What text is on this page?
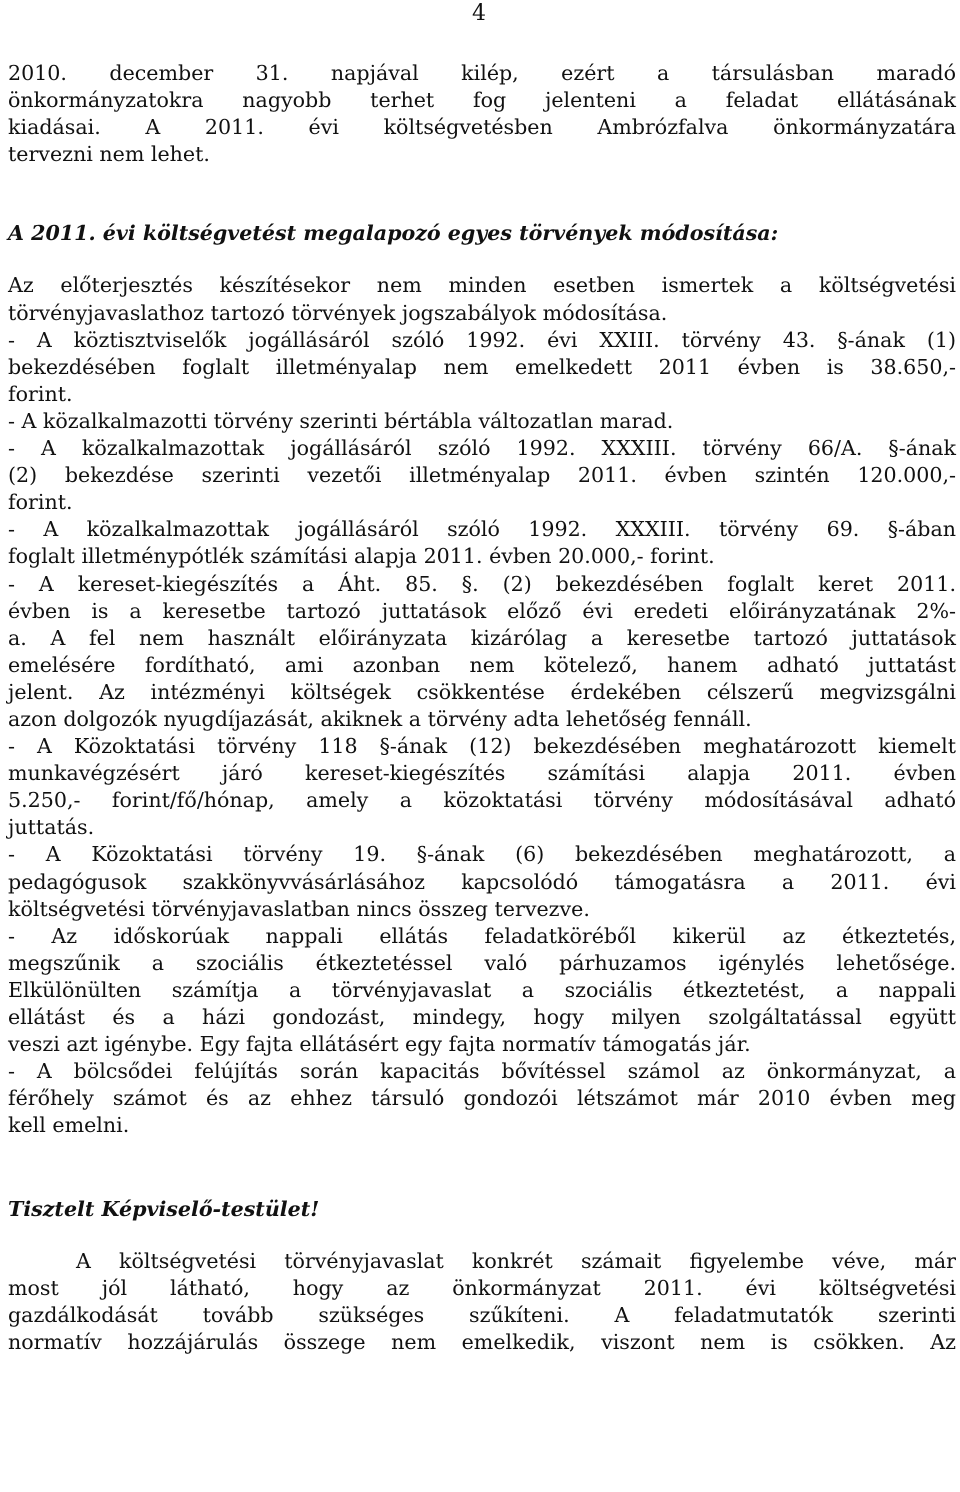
4
2010. december 31. napjával kilép, ezért a társulásban maradó
önkormányzatokra nagyobb terhet fog jelenteni a feladat ellátásának
kiadásai. A 2011. évi költségvetésben Ambrózfalva önkormányzatára
tervezni nem lehet.
A 2011. évi költségvetést megalapozó egyes törvények módosítása:
Az előterjesztés készítésekor nem minden esetben ismertek a költségvetési
törvényjavaslathoz tartozó törvények jogszabályok módosítása.
- A köztisztviselők jogállásáról szóló 1992. évi XXIII. törvény 43. §-ának (1)
bekezdésében foglalt illetményalap nem emelkedett 2011 évben is 38.650,-
forint.
- A közalkalmazotti törvény szerinti bértábla változatlan marad.
- A közalkalmazottak jogállásáról szóló 1992. XXXIII. törvény 66/A. §-ának
(2) bekezdése szerinti vezetői illetményalap 2011. évben szintén 120.000,-
forint.
- A közalkalmazottak jogállásáról szóló 1992. XXXIII. törvény 69. §-ában
foglalt illetménypótlék számítási alapja 2011. évben 20.000,- forint.
- A kereset-kiegészítés a Áht. 85. §. (2) bekezdésében foglalt keret 2011.
évben is a keresetbe tartozó juttatások előző évi eredeti előirányzatának 2%-
a. A fel nem használt előirányzata kizárólag a keresetbe tartozó juttatások
emelésére fordítható, ami azonban nem kötelező, hanem adható juttatást
jelent. Az intézményi költségek csökkentése érdekében célszerű megvizsgálni
azon dolgozók nyugdíjazását, akiknek a törvény adta lehetőség fennáll.
- A Közoktatási törvény 118 §-ának (12) bekezdésében meghatározott kiemelt
munkavégzésért járó kereset-kiegészítés számítási alapja 2011. évben
5.250,- forint/fő/hónap, amely a közoktatási törvény módosításával adható
juttatás.
- A Közoktatási törvény 19. §-ának (6) bekezdésében meghatározott, a
pedagógusok szakkönyvvásárlásához kapcsolódó támogatásra a 2011. évi
költségvetési törvényjavaslatban nincs összeg tervezve.
- Az időskorúak nappali ellátás feladatköréből kikerül az étkeztetés,
megszűnik a szociális étkeztetéssel való párhuzamos igénylés lehetősége.
Elkülönülten számítja a törvényjavaslat a szociális étkeztetést, a nappali
ellátást és a házi gondozást, mindegy, hogy milyen szolgáltatással együtt
veszi azt igénybe. Egy fajta ellátásért egy fajta normatív támogatás jár.
- A bölcsődei felújítás során kapacitás bővítéssel számol az önkormányzat, a
férőhely számot és az ehhez társuló gondozói létszámot már 2010 évben meg
kell emelni.
Tisztelt Képviselő-testület!
A költségvetési törvényjavaslat konkrét számait figyelembe véve, már
most jól látható, hogy az önkormányzat 2011. évi költségvetési
gazdálkodását tovább szükséges szűkíteni. A feladatmutatók szerinti
normatív hozzájárulás összege nem emelkedik, viszont nem is csökken. Az
